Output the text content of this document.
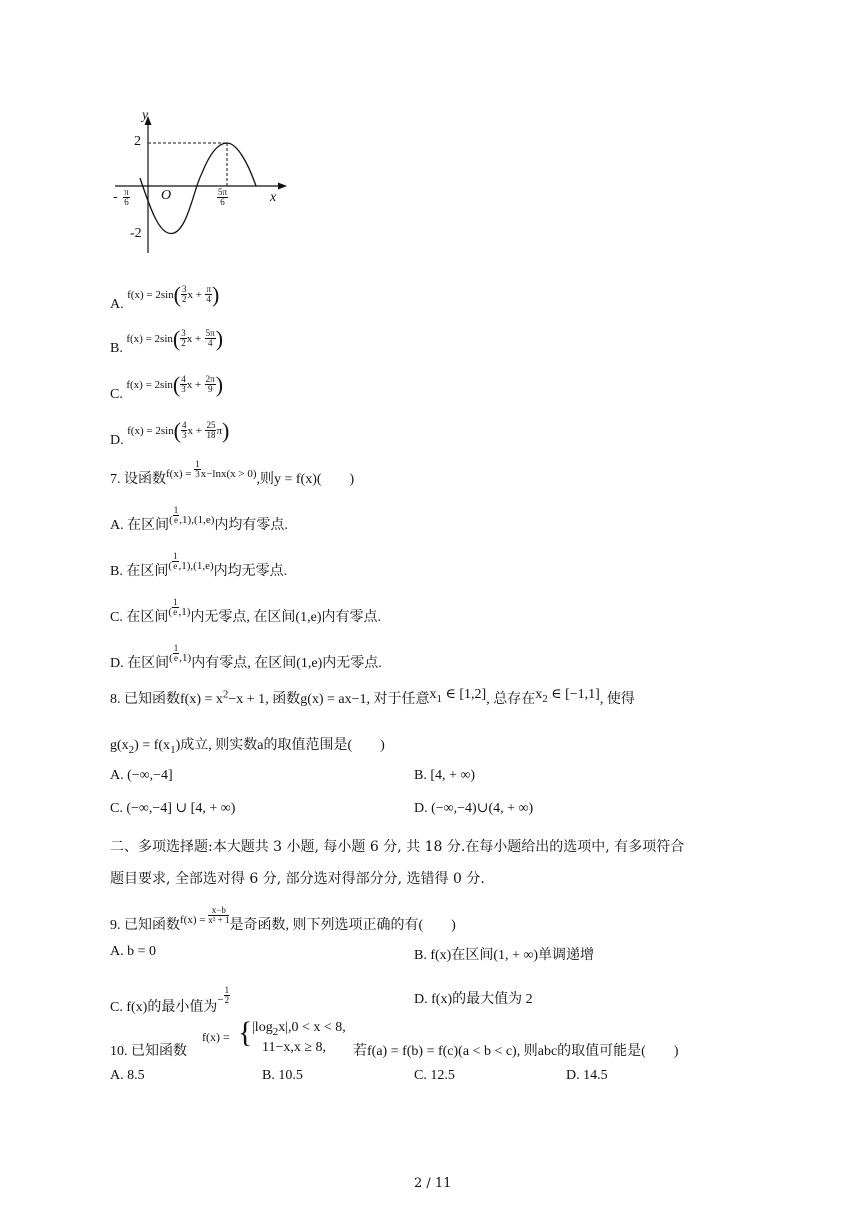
y
2
O	x
-2
- $\frac{\pi}{6}$	$\frac{5\pi}{6}$
A. $^{f(x) = 2sin}( \frac{3}{2} ^{x +} \frac{\pi}{4}$ )
B. $^{f(x) = 2sin}( \frac{3}{2} ^{x +} \frac{5\pi}{4}$ )
C. $^{f(x) = 2sin}( \frac{4}{3} ^{x +} \frac{2\pi}{9}$ )
D. $^{f(x) = 2sin}( \frac{4}{3} ^{x +} \frac{25}{18} ^\pi)$
7. 设函数$^{f(x) =} \frac{1}{3} ^{x-lnx(x > 0)}$,则y = f(x)(　　)
A. 在区间$^( \frac{1}{e} ^{,1),(1,e)}$内均有零点.
B. 在区间$^( \frac{1}{e} ^{,1),(1,e)}$内均无零点.
C. 在区间$^( \frac{1}{e} ^{,1)}$内无零点, 在区间(1,e)内有零点.
D. 在区间$^( \frac{1}{e} ^{,1)}$内有零点, 在区间(1,e)内无零点.
8. 已知函数$f(x) = x^2-x + 1$, 函数g(x) = ax−1, 对于任意$x_1$ ∈ [1,2], 总存在$x_2$ ∈ [−1,1], 使得
$g(x_2) = f(x_1)$成立, 则实数a的取值范围是(　　)
A. (−∞,−4]	B. [4, + ∞)
C. (−∞,−4] ∪ [4, + ∞)	D. (−∞,−4)∪(4, + ∞)
二、多项选择题:本大题共 3 小题, 每小题 6 分, 共 18 分.在每小题给出的选项中, 有多项符合
题目要求, 全部选对得 6 分, 部分选对得部分分, 选错得 0 分.
9. 已知函数$^{f(x) =} \frac{x-b}{\text{x² + 1}}$
是奇函数, 则下列选项正确的有(　　)
A. b = 0	B. f(x)在区间(1, + ∞)单调递增
C. f(x)的最小值为$^- \frac{1}{2}$	D. f(x)的最大值为 2
10. 已知函数
f(x) = { $|\log_2x|,0 < x < 8$,
11−x,x ≥ 8, 若f(a) = f(b) = f(c)(a < b < c), 则abc的取值可能是(　　)
A. 8.5	B. 10.5	C. 12.5	D. 14.5
2 / 11
